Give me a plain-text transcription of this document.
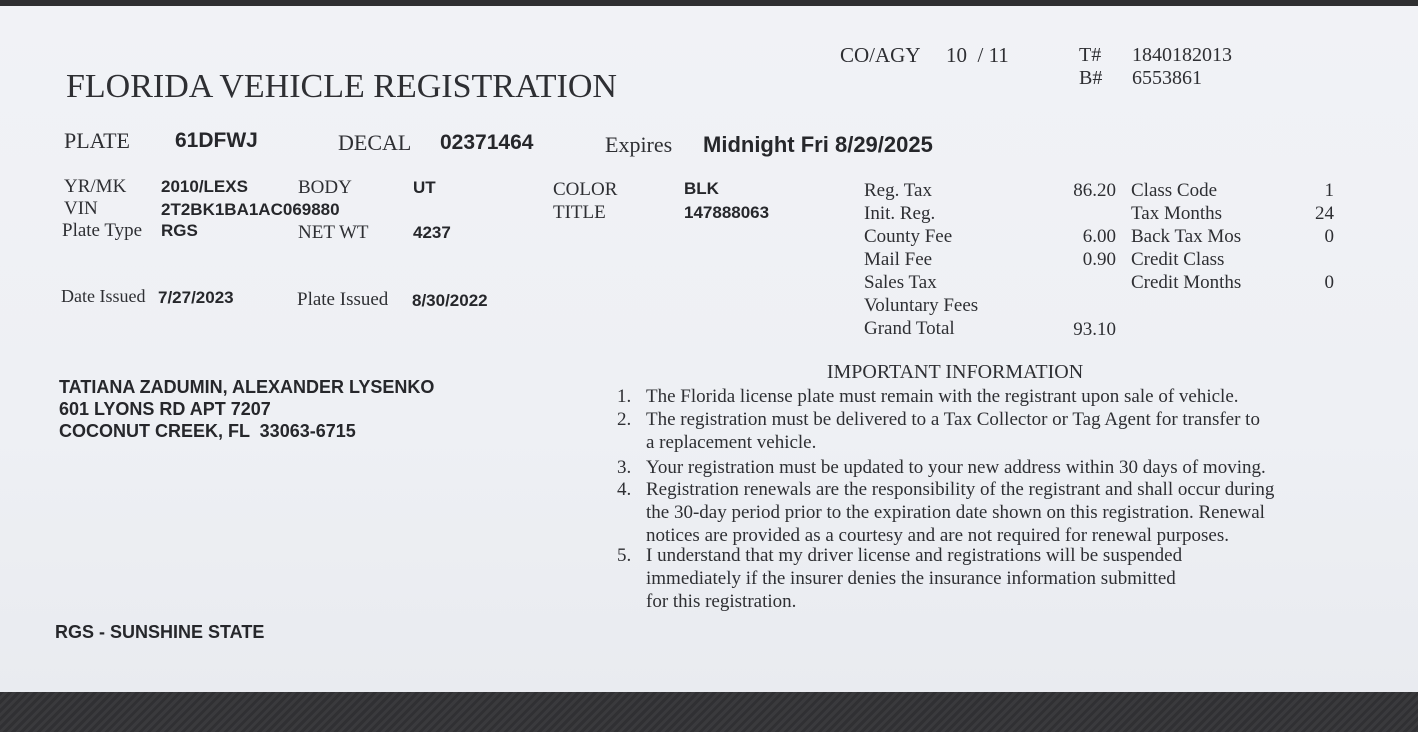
FLORIDA VEHICLE REGISTRATION
CO/AGY 10  / 11	T# 1840182013
B# 6553861
PLATE 61DFWJ	DECAL 02371464	Expires Midnight Fri 8/29/2025
YR/MK 2010/LEXS	BODY	UT
VIN	2T2BK1BA1AC069880
Plate Type RGS	NET WT	4237
COLOR	BLK
TITLE	147888063
Date Issued 7/27/2023	Plate Issued 8/30/2022
Reg. Tax	86.20
Init. Reg.
County Fee	6.00
Mail Fee	0.90
Sales Tax
Voluntary Fees
Grand Total	93.10
Class Code	1
Tax Months	24
Back Tax Mos	0
Credit Class
Credit Months	0
TATIANA ZADUMIN, ALEXANDER LYSENKO
601 LYONS RD APT 7207
COCONUT CREEK, FL  33063-6715
IMPORTANT INFORMATION
1. The Florida license plate must remain with the registrant upon sale of vehicle.
2. The registration must be delivered to a Tax Collector or Tag Agent for transfer to
a replacement vehicle.
3. Your registration must be updated to your new address within 30 days of moving.
4. Registration renewals are the responsibility of the registrant and shall occur during
the 30-day period prior to the expiration date shown on this registration. Renewal
notices are provided as a courtesy and are not required for renewal purposes.
5. I understand that my driver license and registrations will be suspended
immediately if the insurer denies the insurance information submitted
for this registration.
RGS - SUNSHINE STATE
